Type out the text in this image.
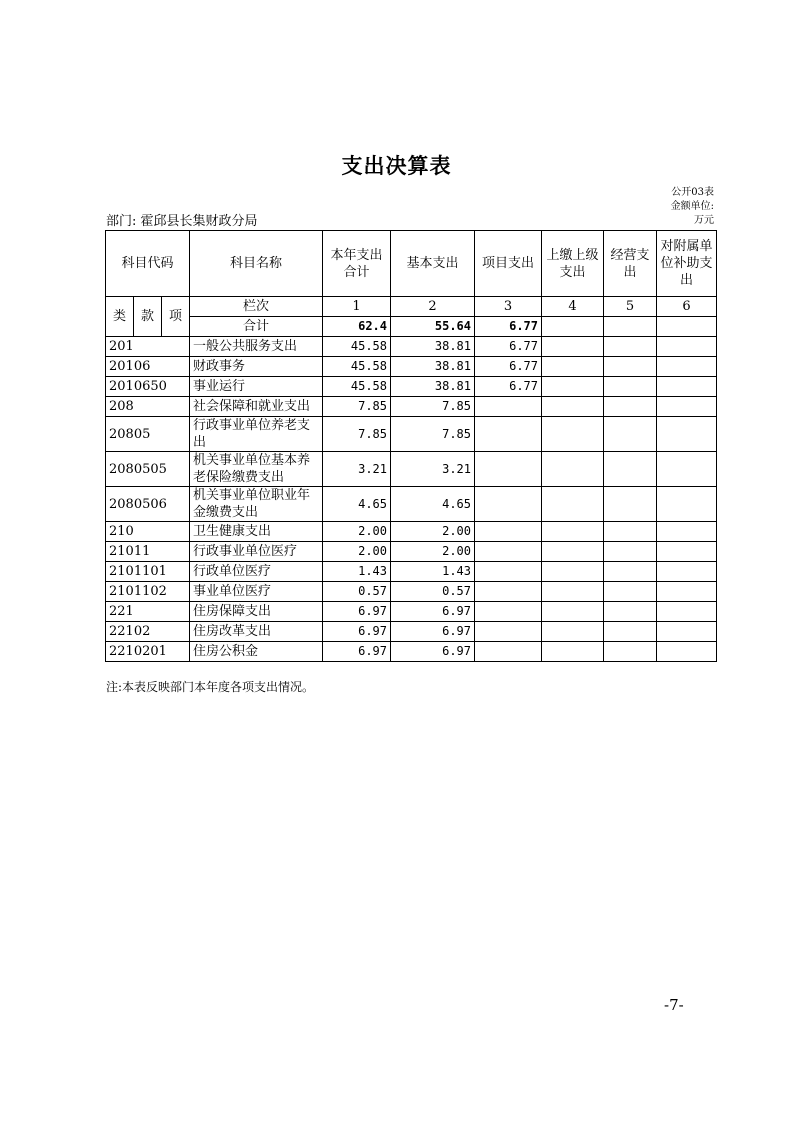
支出决算表
公开03表
金额单位:
万元
部门: 霍邱县长集财政分局
科目代码			科目名称	本年支出合计	基本支出	项目支出	上缴上级支出	经营支出	对附属单位补助支出
类	款	项	栏次	1	2	3	4	5	6
			合计	62.4	55.64	6.77			
201			一般公共服务支出	45.58	38.81	6.77			
20106			财政事务	45.58	38.81	6.77			
2010650			事业运行	45.58	38.81	6.77			
208			社会保障和就业支出	7.85	7.85				
20805			行政事业单位养老支出	7.85	7.85				
2080505			机关事业单位基本养老保险缴费支出	3.21	3.21				
2080506			机关事业单位职业年金缴费支出	4.65	4.65				
210			卫生健康支出	2.00	2.00				
21011			行政事业单位医疗	2.00	2.00				
2101101			行政单位医疗	1.43	1.43				
2101102			事业单位医疗	0.57	0.57				
221			住房保障支出	6.97	6.97				
22102			住房改革支出	6.97	6.97				
2210201			住房公积金	6.97	6.97				
注:本表反映部门本年度各项支出情况。
-7-
